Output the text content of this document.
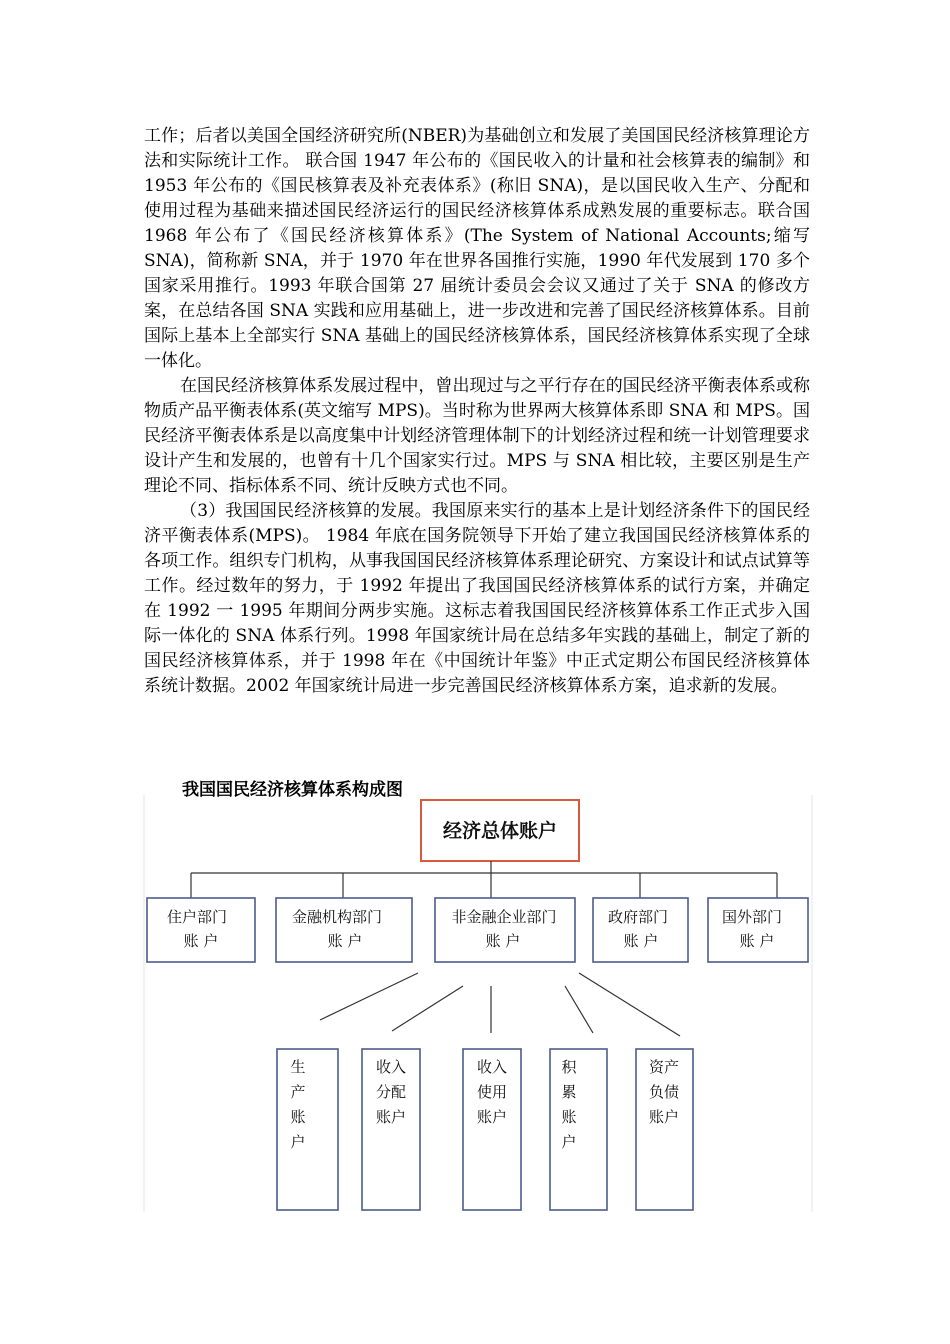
工作；后者以美国全国经济研究所(NBER)为基础创立和发展了美国国民经济核算理论方法和实际统计工作。 联合国 1947 年公布的《国民收入的计量和社会核算表的编制》和 1953 年公布的《国民核算表及补充表体系》(称旧 SNA)，是以国民收入生产、分配和使用过程为基础来描述国民经济运行的国民经济核算体系成熟发展的重要标志。联合国 1968 年公布了《国民经济核算体系》(The System of National Accounts;缩写 SNA)，简称新 SNA，并于 1970 年在世界各国推行实施，1990 年代发展到 170 多个国家采用推行。1993 年联合国第 27 届统计委员会会议又通过了关于 SNA 的修改方案，在总结各国 SNA 实践和应用基础上，进一步改进和完善了国民经济核算体系。目前国际上基本上全部实行 SNA 基础上的国民经济核算体系，国民经济核算体系实现了全球一体化。

在国民经济核算体系发展过程中，曾出现过与之平行存在的国民经济平衡表体系或称物质产品平衡表体系(英文缩写 MPS)。当时称为世界两大核算体系即 SNA 和 MPS。国民经济平衡表体系是以高度集中计划经济管理体制下的计划经济过程和统一计划管理要求设计产生和发展的，也曾有十几个国家实行过。MPS 与 SNA 相比较，主要区别是生产理论不同、指标体系不同、统计反映方式也不同。

（3）我国国民经济核算的发展。我国原来实行的基本上是计划经济条件下的国民经济平衡表体系(MPS)。 1984 年底在国务院领导下开始了建立我国国民经济核算体系的各项工作。组织专门机构，从事我国国民经济核算体系理论研究、方案设计和试点试算等工作。经过数年的努力，于 1992 年提出了我国国民经济核算体系的试行方案，并确定在 1992 一 1995 年期间分两步实施。这标志着我国国民经济核算体系工作正式步入国际一体化的 SNA 体系行列。1998 年国家统计局在总结多年实践的基础上，制定了新的国民经济核算体系，并于 1998 年在《中国统计年鉴》中正式定期公布国民经济核算体系统计数据。2002 年国家统计局进一步完善国民经济核算体系方案，追求新的发展。

我国国民经济核算体系构成图
经济总体账户
住户部门
账 户
金融机构部门
账 户
非金融企业部门
账 户
政府部门
账 户
国外部门
账 户
生
产
账
户
收入
分配
账户
收入
使用
账户
积
累
账
户
资产
负债
账户
